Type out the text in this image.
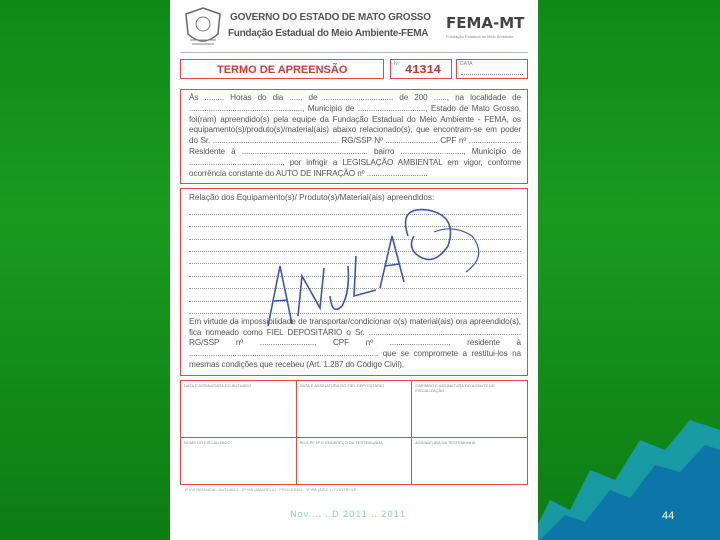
GOVERNO DO ESTADO DE MATO GROSSO
Fundação Estadual do Meio Ambiente-FEMA
FEMA-MT
Fundação Estadual do Meio Ambiente
TERMO DE APREENSÃO	Nº 41314	DATA
Às ......... Horas do dia ...... de ................................ de 200 ......, na localidade de ...................................................., Município de ..............................., Estado de Mato Grosso, foi(ram) apreendido(s) pela equipe da Fundação Estadual do Meio Ambiente - FEMA, os equipamento(s)/produto(s)/material(ais) abaixo relacionado(s), que encontram-se em poder do Sr. .......................................................... RG/SSP Nº ........................ CPF nº ........................ Residente à .......................................................... bairro ............................., Município de ..........................................., por infrigir a LEGISLAÇÃO AMBIENTAL em vigor, conforme ocorrência constante do AUTO DE INFRAÇÃO nº ............................
Relação dos Equipamento(s)/ Produto(s)/Material(ais) apreendidos:
Em virtude da impossibilidade de transportar/condicionar o(s) material(ais) ora apreendido(s), fica nomeado como FIEL DEPOSITÁRIO o Sr. ...................................................................... RG/SSP nº ........................., CPF nº ..........................., residente à ....................................................................................... que se compromete a restitui-los na mesmas condições que recebeu (Art. 1.287 do Código Civil).
DATA E ASSINATURA DO AUTUADO	DATA E ASSINATURA DO FIEL DEPOSITÁRIO	CARIMBO E ASSINATURA DO AGENTE DE FISCALIZAÇÃO
NOME DO FISCALIZADO	RG/CPF Nº E ENDEREÇO DA TESTEMUNHA	ASSINATURA DA TESTEMUNHA
1ª VIA (BRANCA) - AUTUADO - 2ª VIA (AMARELA) - PROCESSO - 3ª VIA (AZUL) - CONTROLE
Nov.... ..D 2011 .. 2011	44
